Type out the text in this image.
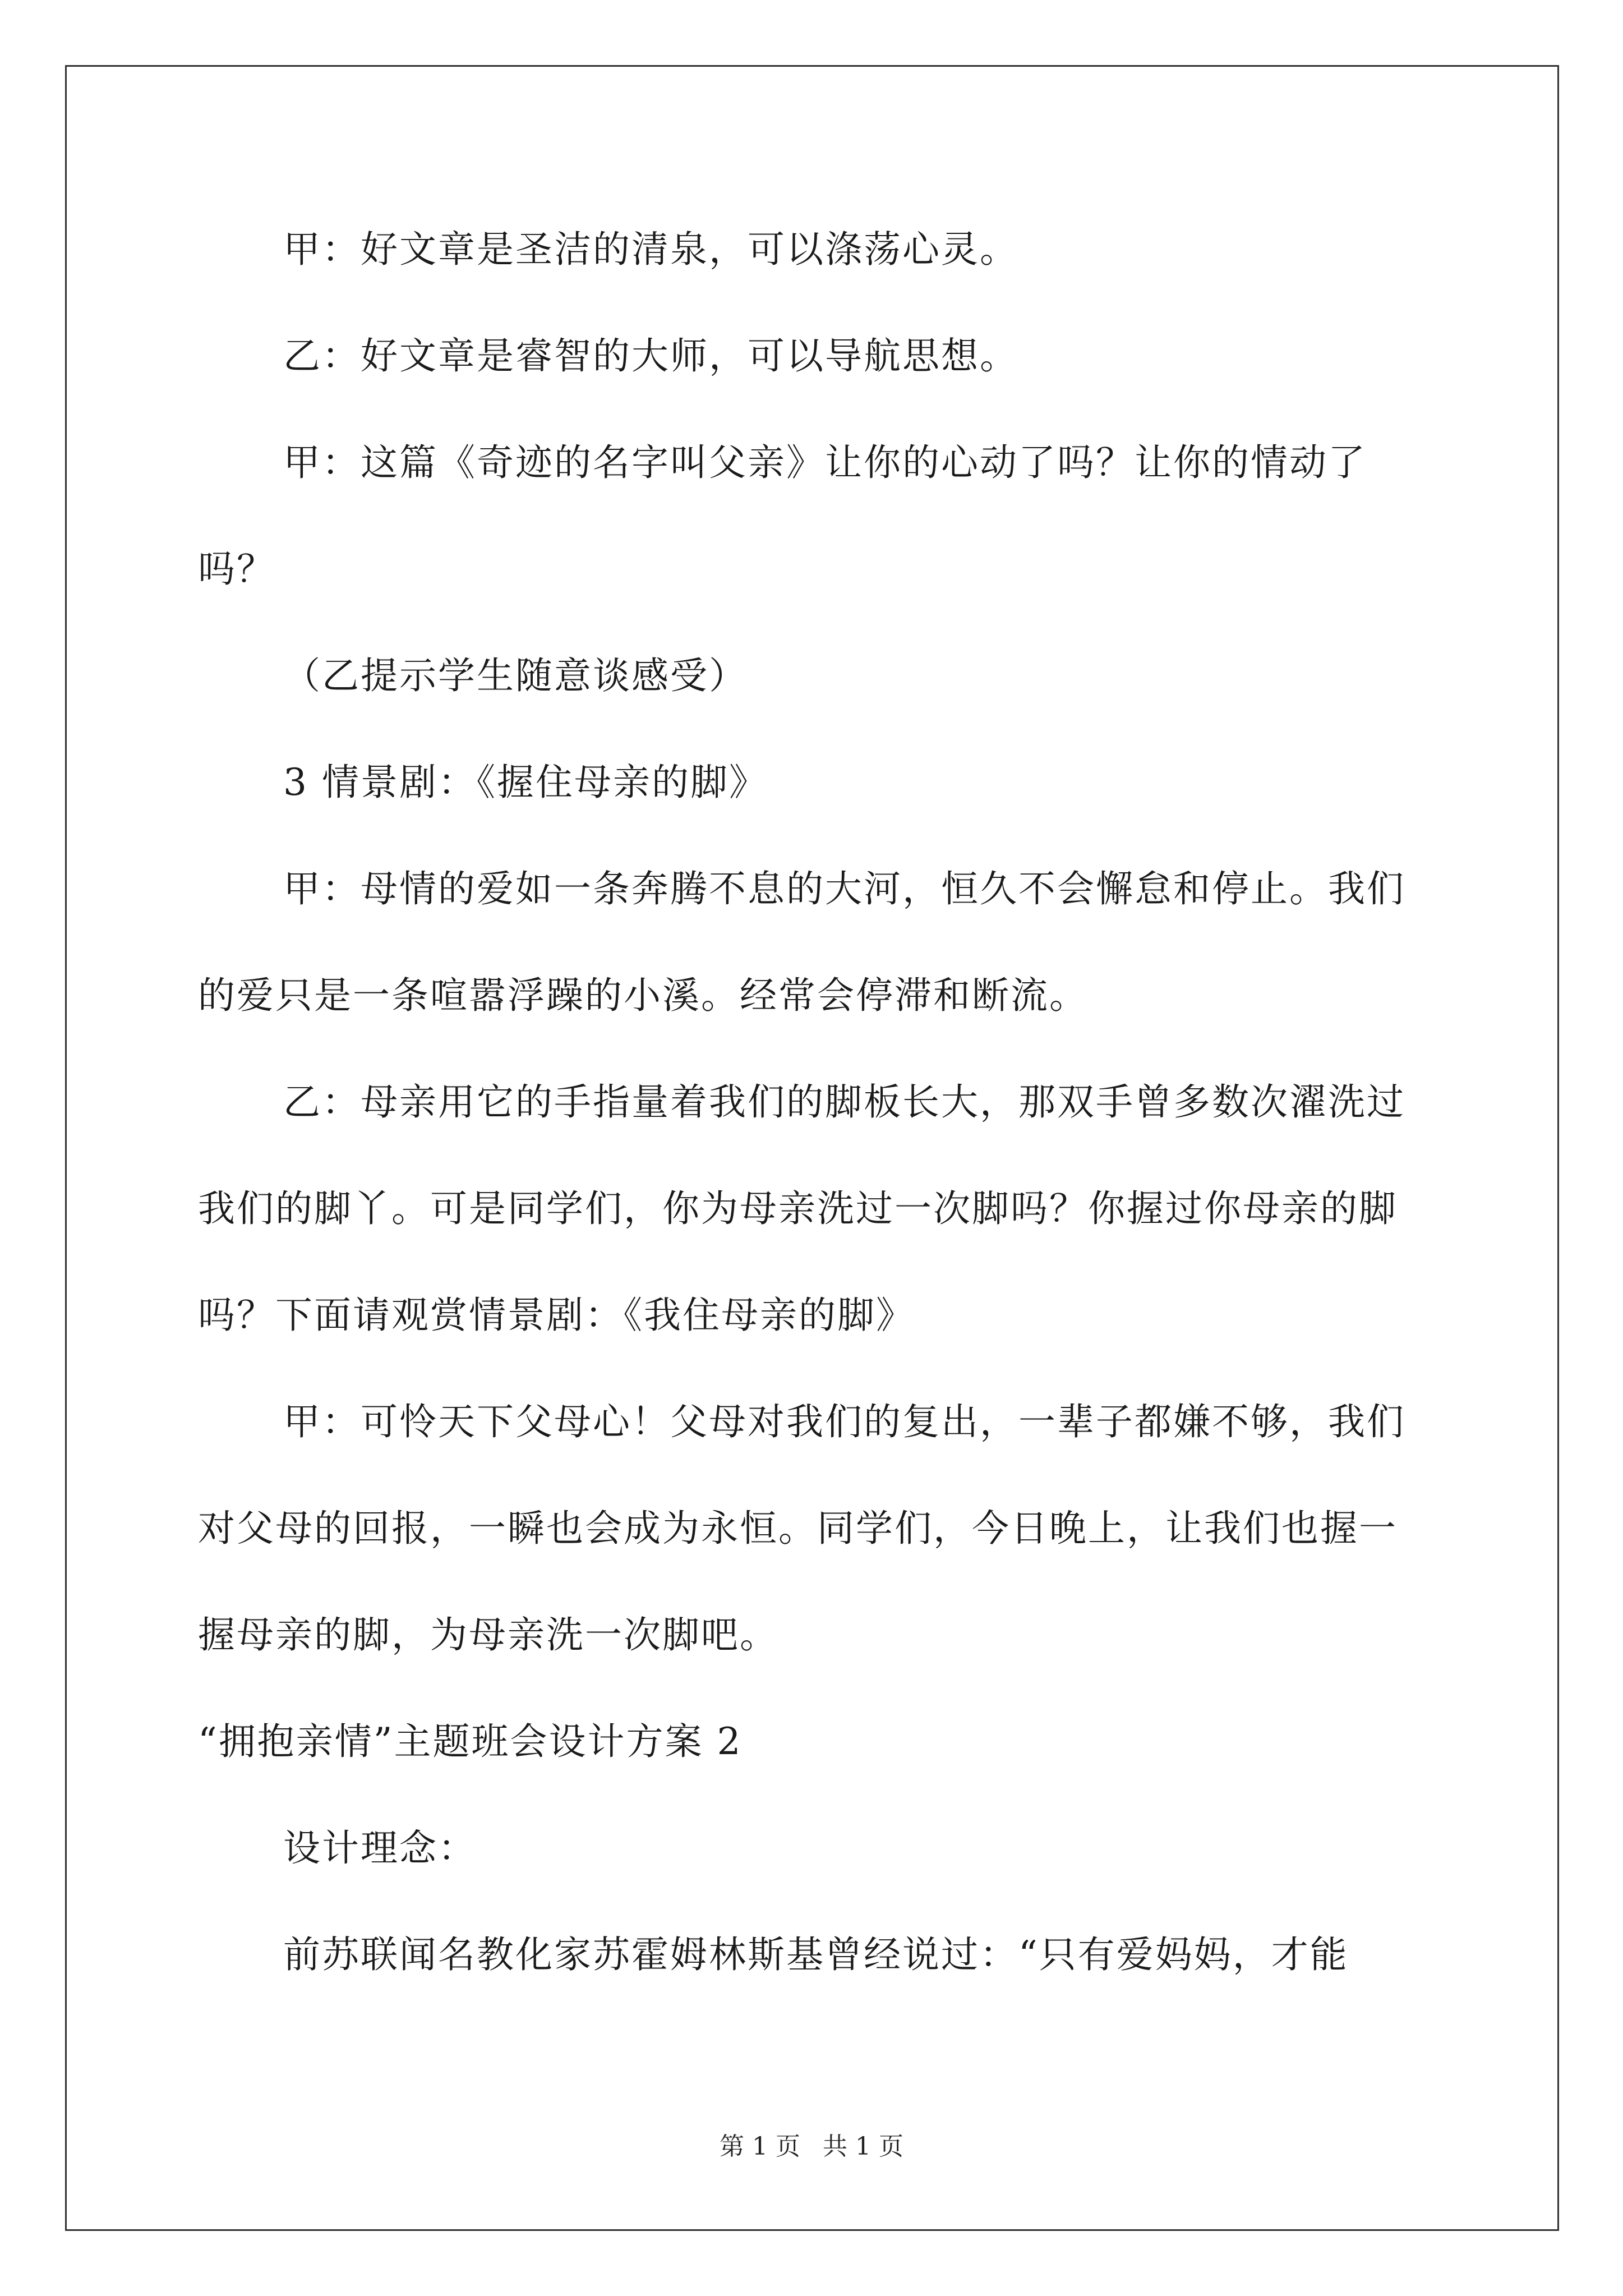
甲：好文章是圣洁的清泉，可以涤荡心灵。

乙：好文章是睿智的大师，可以导航思想。

甲：这篇《奇迹的名字叫父亲》让你的心动了吗？让你的情动了吗？

（乙提示学生随意谈感受）

3 情景剧：《握住母亲的脚》

甲：母情的爱如一条奔腾不息的大河，恒久不会懈怠和停止。我们的爱只是一条喧嚣浮躁的小溪。经常会停滞和断流。

乙：母亲用它的手指量着我们的脚板长大，那双手曾多数次濯洗过我们的脚丫。可是同学们，你为母亲洗过一次脚吗？你握过你母亲的脚吗？下面请观赏情景剧：《我住母亲的脚》

甲：可怜天下父母心！父母对我们的复出，一辈子都嫌不够，我们对父母的回报，一瞬也会成为永恒。同学们，今日晚上，让我们也握一握母亲的脚，为母亲洗一次脚吧。

“拥抱亲情”主题班会设计方案 2

设计理念：

前苏联闻名教化家苏霍姆林斯基曾经说过：“只有爱妈妈，才能

第 1 页 共 1 页
